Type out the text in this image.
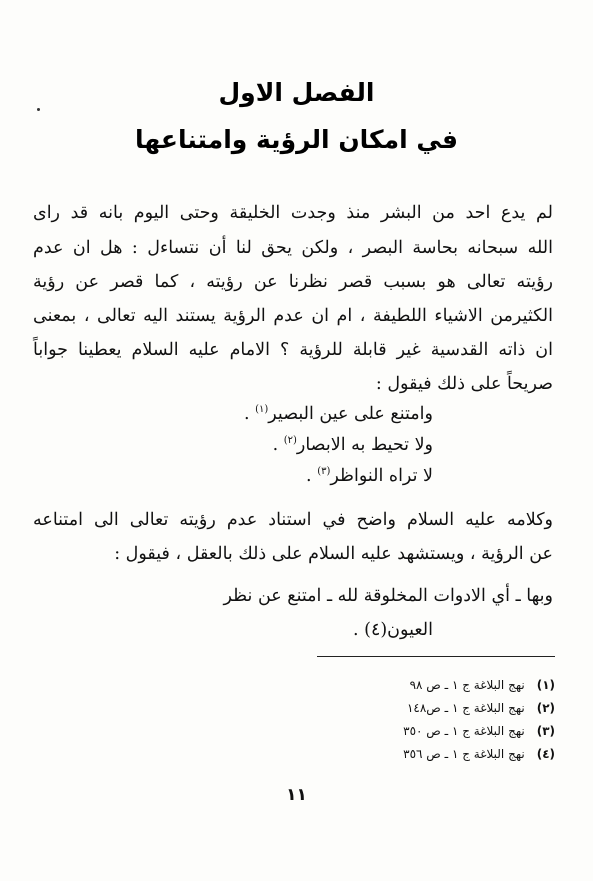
الفصل الاول
في امكان الرؤية وامتناعها
لم يدع احد من البشر منذ وجدت الخليقة وحتى اليوم بانه قد راى
الله سبحانه بحاسة البصر ، ولكن يحق لنا أن نتساءل : هل ان عدم
رؤيته تعالى هو بسبب قصر نظرنا عن رؤيته ، كما قصر عن رؤية
الكثيرمن الاشياء اللطيفة ، ام ان عدم الرؤية يستند اليه تعالى ، بمعنى
ان ذاته القدسية غير قابلة للرؤية ؟ الامام عليه السلام يعطينا جواباً
صريحاً على ذلك فيقول :
وامتنع على عين البصير$^{(١)}$ .
ولا تحيط به الابصار$^{(٢)}$ .
لا تراه النواظر$^{(٣)}$ .
وكلامه عليه السلام واضح في استناد عدم رؤيته تعالى الى امتناعه
عن الرؤية ، ويستشهد عليه السلام على ذلك بالعقل ، فيقول :
وبها ـ أي الادوات المخلوقة لله ـ امتنع عن نظر
العيون(٤) .
(١)نهج البلاغة ج ١ ـ ص ٩٨
(٢)نهج البلاغة ج ١ ـ ص١٤٨
(٣)نهج البلاغة ج ١ ـ ص ٣٥٠
(٤)نهج البلاغة ج ١ ـ ص ٣٥٦
١١
